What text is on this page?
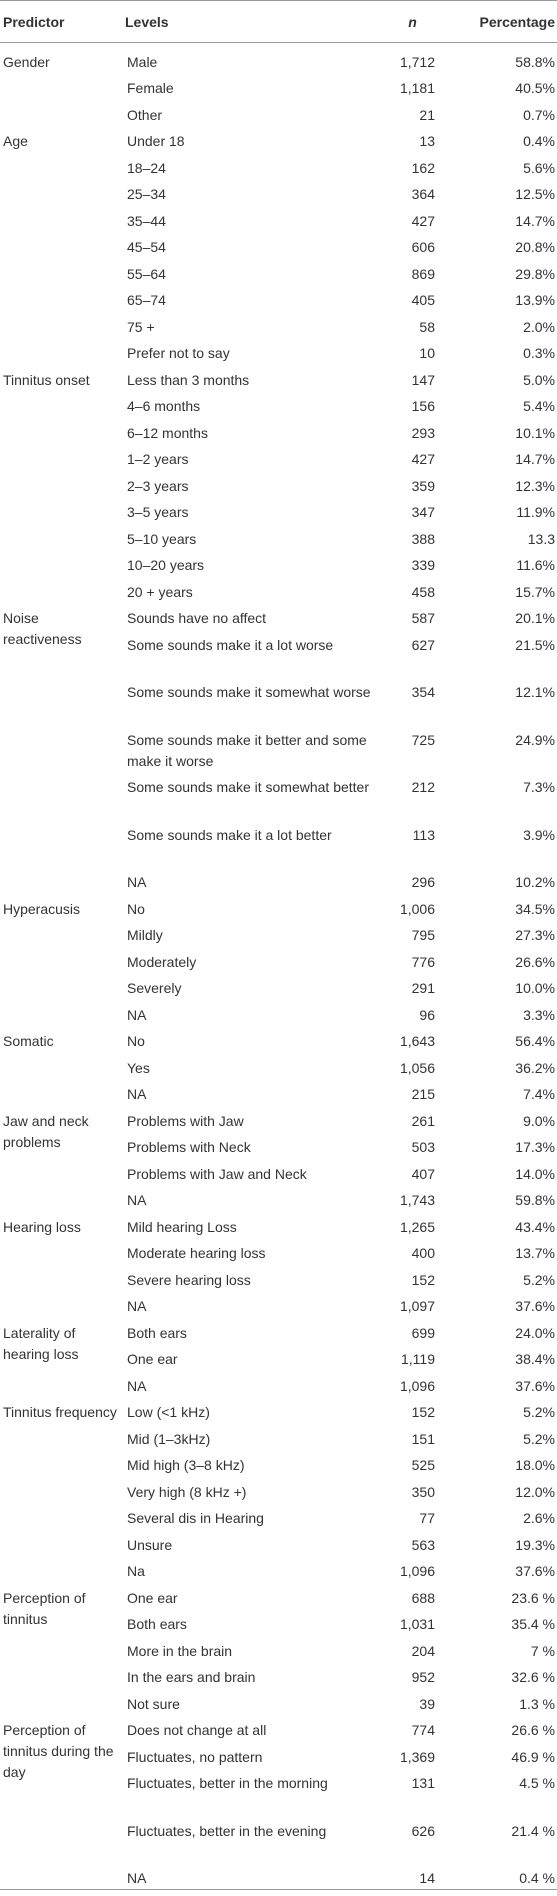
Predictor	Levels	n	Percentage
Gender	Male	1,712	58.8%
	Female	1,181	40.5%
	Other	21	0.7%
Age	Under 18	13	0.4%
	18–24	162	5.6%
	25–34	364	12.5%
	35–44	427	14.7%
	45–54	606	20.8%
	55–64	869	29.8%
	65–74	405	13.9%
	75 +	58	2.0%
	Prefer not to say	10	0.3%
Tinnitus onset	Less than 3 months	147	5.0%
	4–6 months	156	5.4%
	6–12 months	293	10.1%
	1–2 years	427	14.7%
	2–3 years	359	12.3%
	3–5 years	347	11.9%
	5–10 years	388	13.3
	10–20 years	339	11.6%
	20 + years	458	15.7%

Noise reactiveness	Sounds have no affect	587	20.1%
	Some sounds make it a lot worse	627	21.5%
	Some sounds make it somewhat worse	354	12.1%
	Some sounds make it better and some make it worse	725	24.9%
	Some sounds make it somewhat better	212	7.3%
	Some sounds make it a lot better	113	3.9%
	NA	296	10.2%
Hyperacusis	No	1,006	34.5%
	Mildly	795	27.3%
	Moderately	776	26.6%
	Severely	291	10.0%
	NA	96	3.3%
Somatic	No	1,643	56.4%
	Yes	1,056	36.2%
	NA	215	7.4%

Jaw and neck problems	Problems with Jaw	261	9.0%
	Problems with Neck	503	17.3%
	Problems with Jaw and Neck	407	14.0%
	NA	1,743	59.8%
Hearing loss	Mild hearing Loss	1,265	43.4%
	Moderate hearing loss	400	13.7%
	Severe hearing loss	152	5.2%
	NA	1,097	37.6%

Laterality of hearing loss	Both ears	699	24.0%
	One ear	1,119	38.4%
	NA	1,096	37.6%

Tinnitus frequency	Low (<1 kHz)	152	5.2%
	Mid (1–3kHz)	151	5.2%
	Mid high (3–8 kHz)	525	18.0%
	Very high (8 kHz +)	350	12.0%
	Several dis in Hearing	77	2.6%
	Unsure	563	19.3%
	Na	1,096	37.6%

Perception of tinnitus	One ear	688	23.6 %
	Both ears	1,031	35.4 %
	More in the brain	204	7 %
	In the ears and brain	952	32.6 %
	Not sure	39	1.3 %

Perception of tinnitus during the day	Does not change at all	774	26.6 %
	Fluctuates, no pattern	1,369	46.9 %
	Fluctuates, better in the morning	131	4.5 %
	Fluctuates, better in the evening	626	21.4 %
	NA	14	0.4 %
